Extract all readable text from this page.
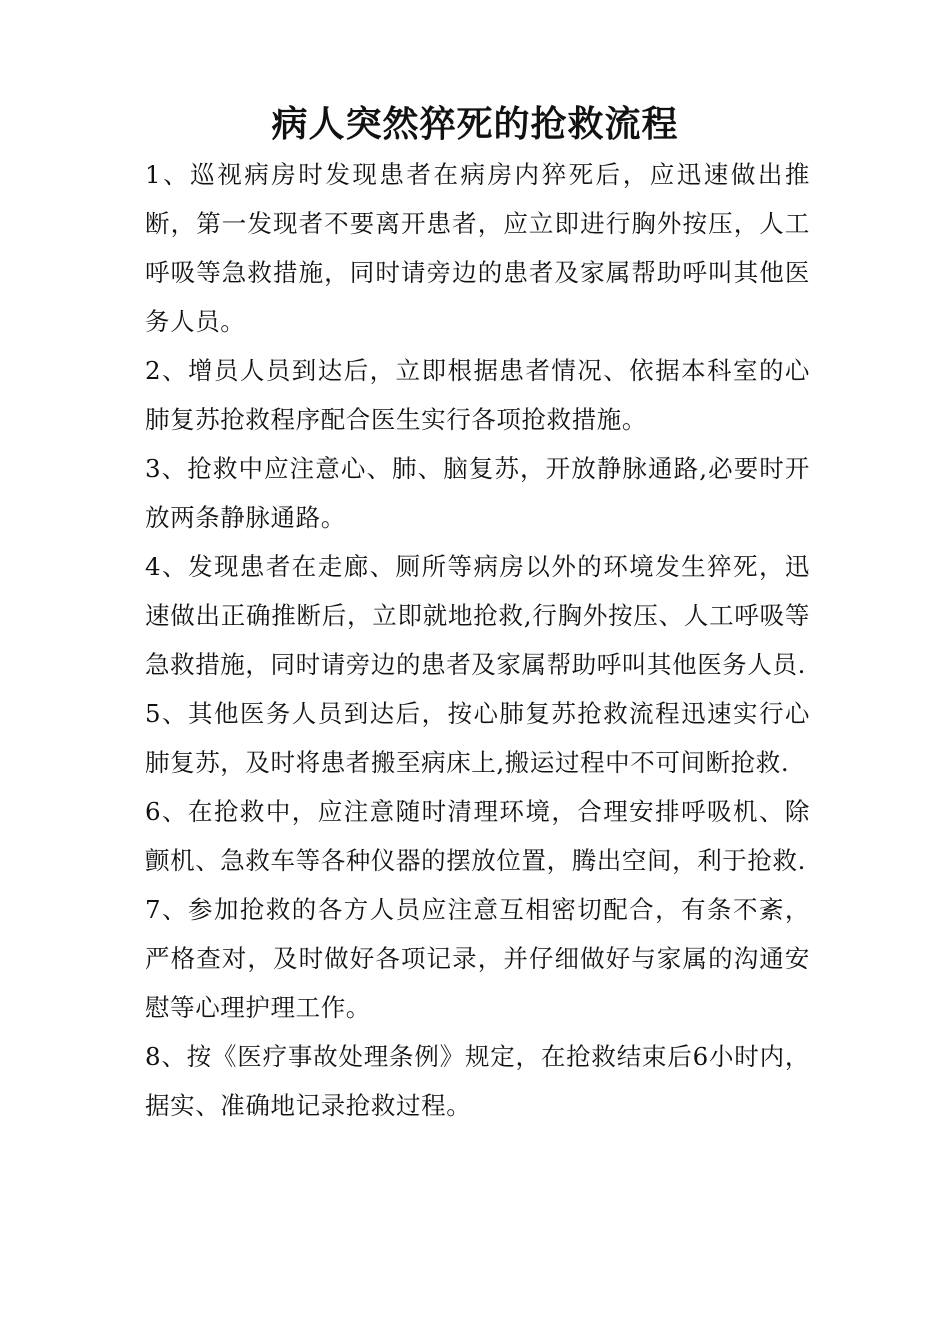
病人突然猝死的抢救流程

1、巡视病房时发现患者在病房内猝死后，应迅速做出推断，第一发现者不要离开患者，应立即进行胸外按压，人工呼吸等急救措施，同时请旁边的患者及家属帮助呼叫其他医务人员。

2、增员人员到达后，立即根据患者情况、依据本科室的心肺复苏抢救程序配合医生实行各项抢救措施。

3、抢救中应注意心、肺、脑复苏，开放静脉通路,必要时开放两条静脉通路。

4、发现患者在走廊、厕所等病房以外的环境发生猝死，迅速做出正确推断后，立即就地抢救,行胸外按压、人工呼吸等急救措施，同时请旁边的患者及家属帮助呼叫其他医务人员.

5、其他医务人员到达后，按心肺复苏抢救流程迅速实行心肺复苏，及时将患者搬至病床上,搬运过程中不可间断抢救.

6、在抢救中，应注意随时清理环境，合理安排呼吸机、除颤机、急救车等各种仪器的摆放位置，腾出空间，利于抢救.

7、参加抢救的各方人员应注意互相密切配合，有条不紊，严格查对，及时做好各项记录，并仔细做好与家属的沟通安慰等心理护理工作。

8、按《医疗事故处理条例》规定，在抢救结束后6小时内，据实、准确地记录抢救过程。
